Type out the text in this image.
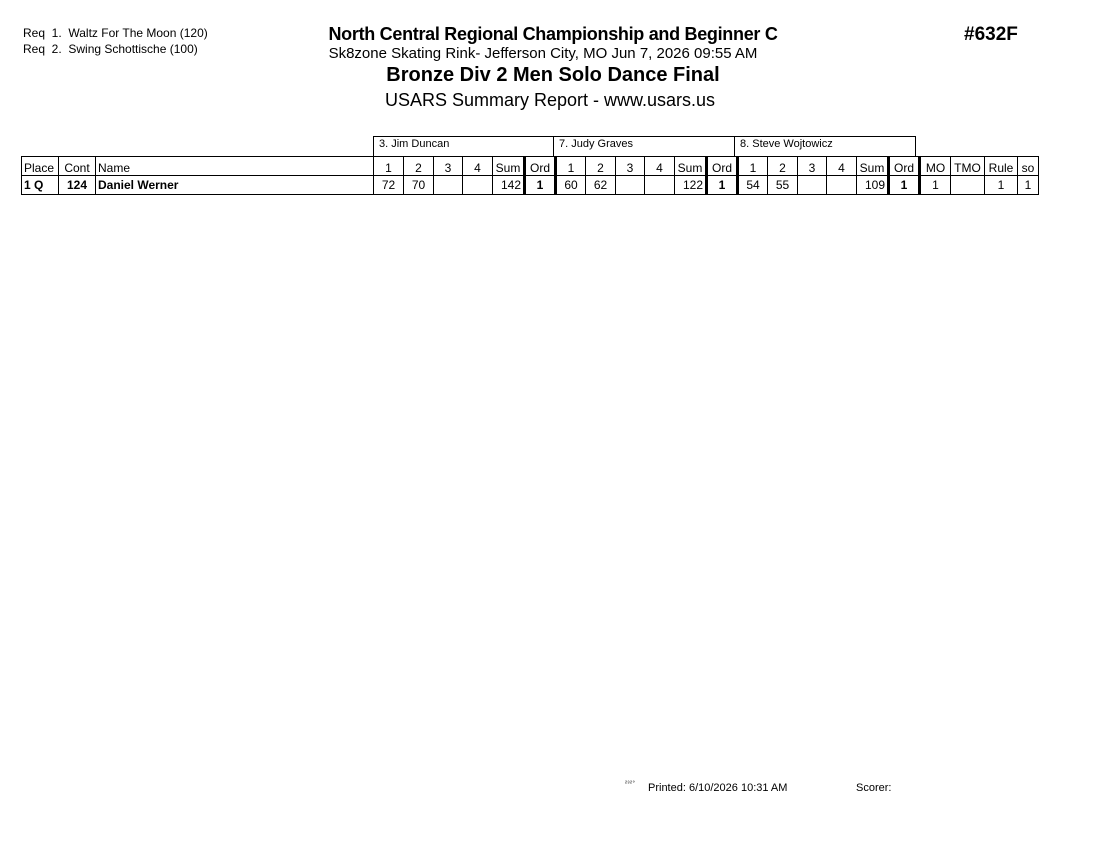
Req  1.  Waltz For The Moon (120)
Req  2.  Swing Schottische (100)
North Central Regional Championship and Beginner C
Sk8zone Skating Rink- Jefferson City, MO Jun 7, 2026 09:55 AM
Bronze Div 2 Men Solo Dance Final
USARS Summary Report - www.usars.us
#632F
3. Jim Duncan	7. Judy Graves	8. Steve Wojtowicz
Place	Cont	Name	1	2	3	4	Sum	Ord	1	2	3	4	Sum	Ord	1	2	3	4	Sum	Ord	MO	TMO	Rule	so
1 Q	124	Daniel Werner	72	70			142	1	60	62			122	1	54	55			109	1	1		1	1
²³²° Printed: 6/10/2026 10:31 AM	Scorer:
